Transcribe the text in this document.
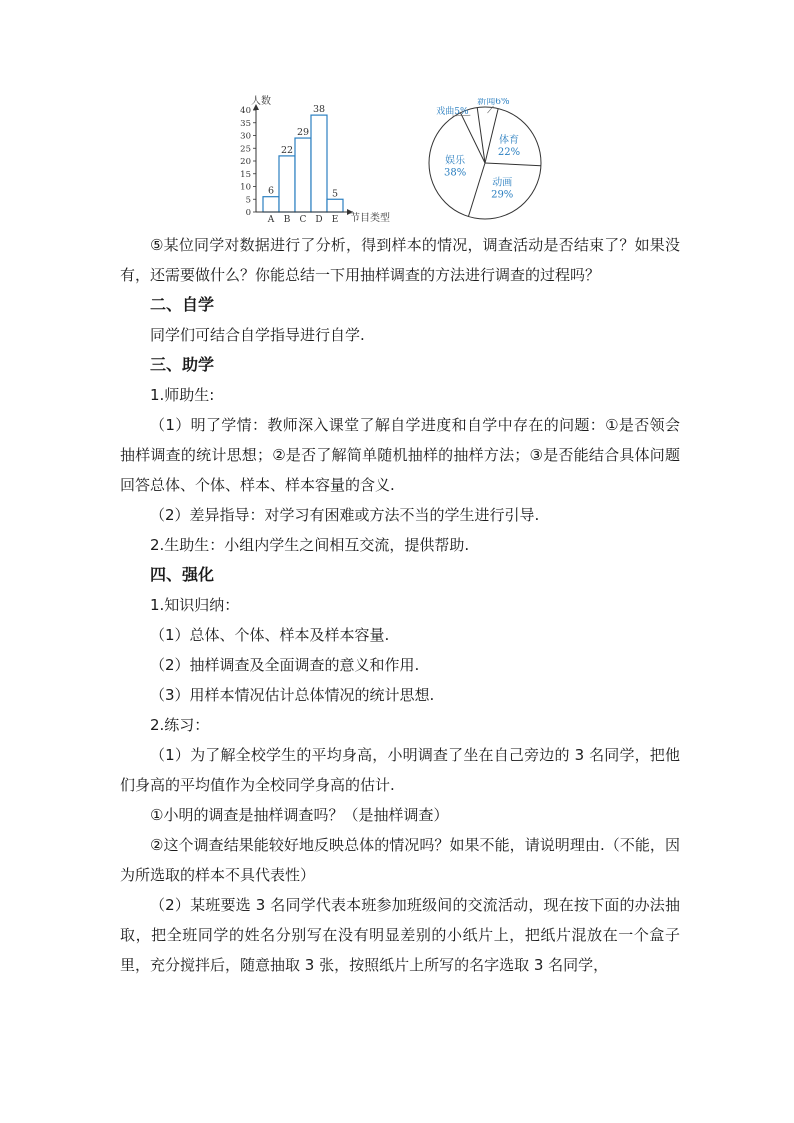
0
5
10
15
20
25
30
35
40
6
22
29
38
5
A B C D E
人数
节目类型
新闻6%
体育
22%
动画
29%
娱乐
38%
戏曲5%

⑤某位同学对数据进行了分析，得到样本的情况，调查活动是否结束了？如果没有，还需要做什么？你能总结一下用抽样调查的方法进行调查的过程吗？

二、自学

同学们可结合自学指导进行自学.

三、助学

1.师助生:

（1）明了学情：教师深入课堂了解自学进度和自学中存在的问题：①是否领会抽样调查的统计思想；②是否了解简单随机抽样的抽样方法；③是否能结合具体问题回答总体、个体、样本、样本容量的含义.

（2）差异指导：对学习有困难或方法不当的学生进行引导.

2.生助生：小组内学生之间相互交流，提供帮助.

四、强化

1.知识归纳：

（1）总体、个体、样本及样本容量.

（2）抽样调查及全面调查的意义和作用.

（3）用样本情况估计总体情况的统计思想.

2.练习：

（1）为了解全校学生的平均身高，小明调查了坐在自己旁边的 3 名同学，把他们身高的平均值作为全校同学身高的估计.

①小明的调查是抽样调查吗？（是抽样调查）

②这个调查结果能较好地反映总体的情况吗？如果不能，请说明理由.（不能，因为所选取的样本不具代表性）

（2）某班要选 3 名同学代表本班参加班级间的交流活动，现在按下面的办法抽取，把全班同学的姓名分别写在没有明显差别的小纸片上，把纸片混放在一个盒子里，充分搅拌后，随意抽取 3 张，按照纸片上所写的名字选取 3 名同学，
